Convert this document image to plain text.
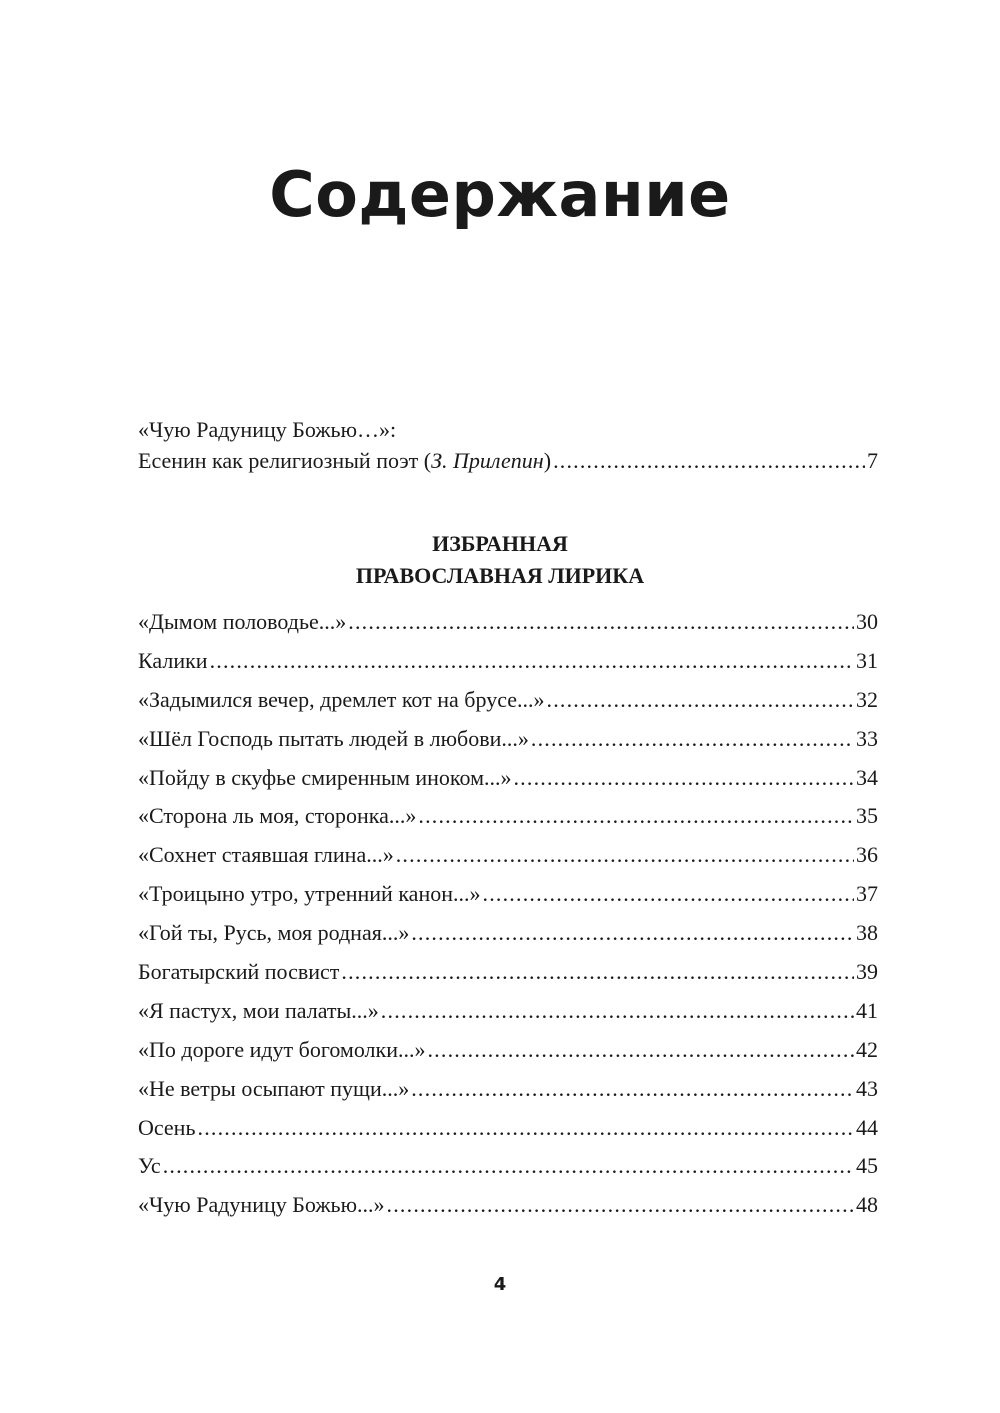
Содержание
«Чую Радуницу Божью…»:
Есенин как религиозный поэт (З. Прилепин) .....	7
ИЗБРАННАЯ
ПРАВОСЛАВНАЯ ЛИРИКА
«Дымом половодье...» .....	30
Калики .....	31
«Задымился вечер, дремлет кот на брусе...» .....	32
«Шёл Господь пытать людей в любови...» .....	33
«Пойду в скуфье смиренным иноком...» .....	34
«Сторона ль моя, сторонка...» .....	35
«Сохнет стаявшая глина...» .....	36
«Троицыно утро, утренний канон...» .....	37
«Гой ты, Русь, моя родная...» .....	38
Богатырский посвист .....	39
«Я пастух, мои палаты...» .....	41
«По дороге идут богомолки...» .....	42
«Не ветры осыпают пущи...» .....	43
Осень .....	44
Ус .....	45
«Чую Радуницу Божью...» .....	48
4
